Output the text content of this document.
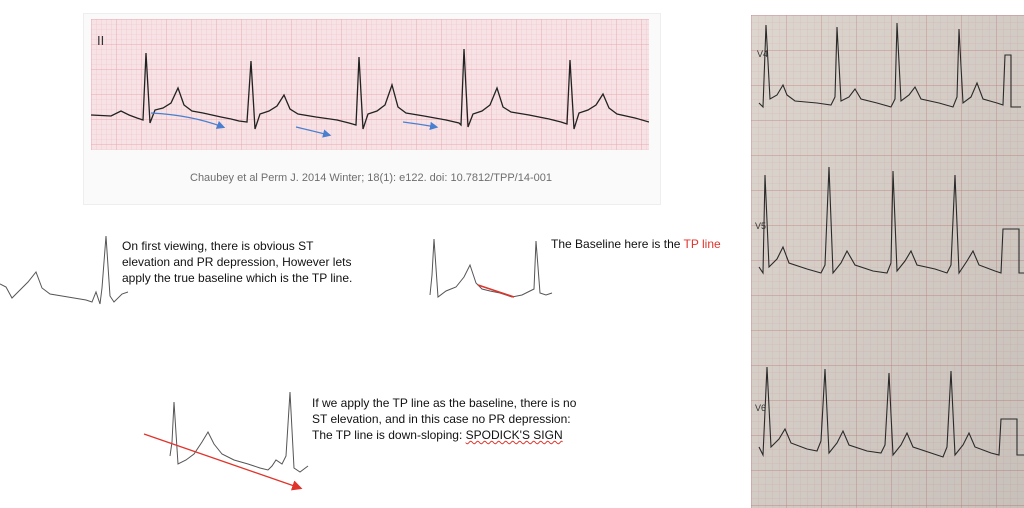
II
Chaubey et al Perm J. 2014 Winter; 18(1): e122. doi: 10.7812/TPP/14-001
On first viewing, there is obvious ST elevation and PR depression, However lets apply the true baseline which is the TP line.
The Baseline here is the TP line
If we apply the TP line as the baseline, there is no ST elevation, and in this case no PR depression: The TP line is down-sloping: SPODICK'S SIGN
V4
V5
V6
